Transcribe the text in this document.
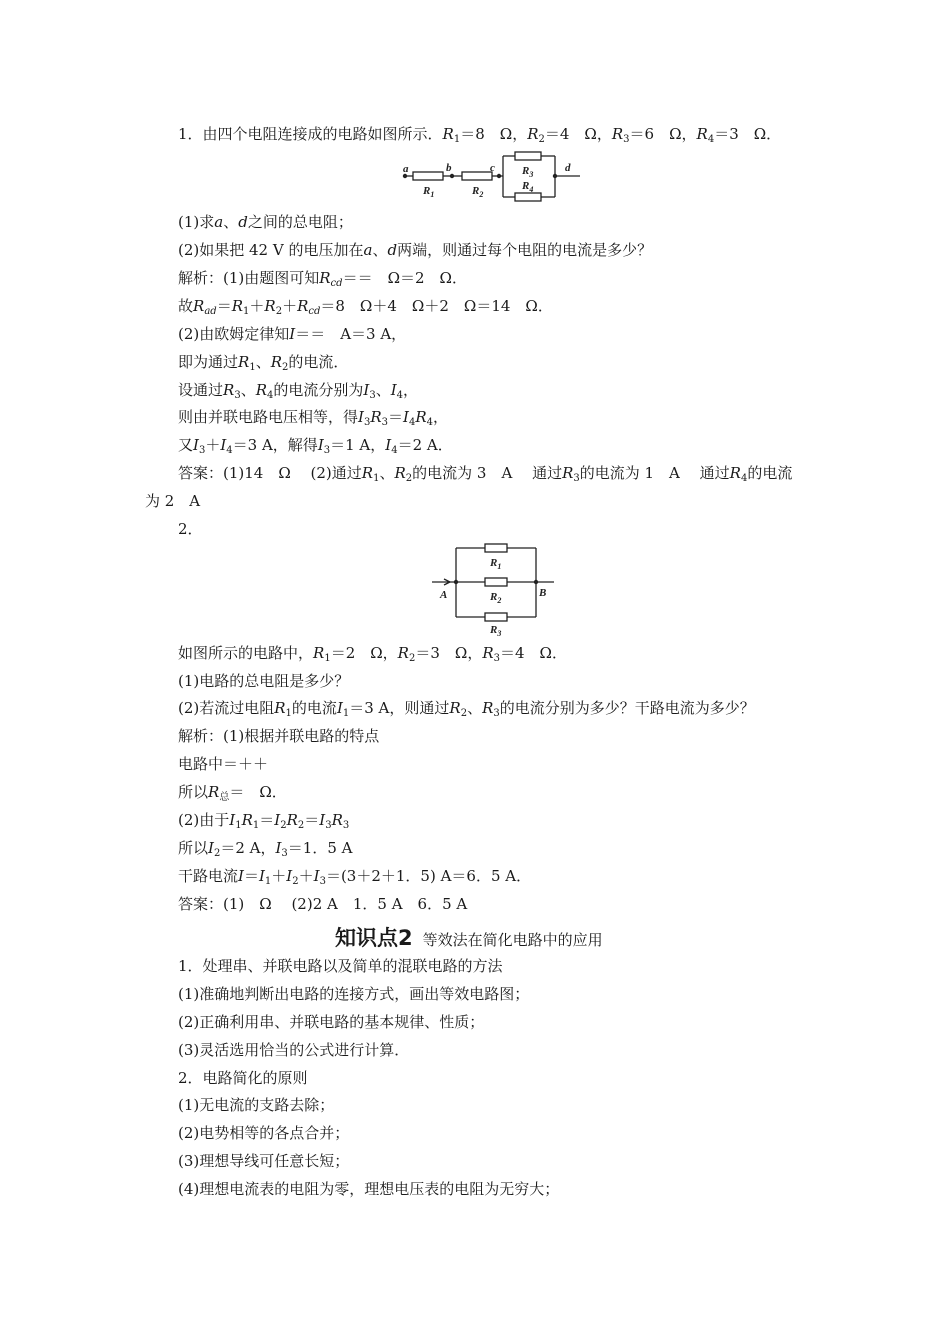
1．由四个电阻连接成的电路如图所示．$R_1=8$　Ω，$R_2=4$　Ω，$R_3=6$　Ω，$R_4=3$　Ω．
a	b	c	d
$R_1$	$R_2$
$R_3$
$R_4$
(1)求a、d之间的总电阻；
(2)如果把 42 V 的电压加在a、d两端，则通过每个电阻的电流是多少？
解析：(1)由题图可知$R_{cd}==$　Ω＝2　Ω．
故$R_{ad}=R_1+R_2+R_{cd}=8$　Ω＋4　Ω＋2　Ω＝14　Ω．
(2)由欧姆定律知I＝＝　A＝3 A，
即为通过$R_1$、$R_2$的电流．
设通过$R_3$、$R_4$的电流分别为$I_3$、$I_4$，
则由并联电路电压相等，得$I_3R_3=I_4R_4$，
又$I_3+I_4=3$ A，解得$I_3=1$ A，$I_4=2$ A．
答案：(1)14　Ω　 (2)通过$R_1$、$R_2$的电流为 3　A　 通过$R_3$的电流为 1　A　 通过$R_4$的电流
为 2　A
2．
A	B
$R_1$
$R_2$
$R_3$
如图所示的电路中，$R_1=2$　Ω，$R_2=3$　Ω，$R_3=4$　Ω．
(1)电路的总电阻是多少？
(2)若流过电阻$R_1$的电流$I_1=3$ A，则通过$R_2$、$R_3$的电流分别为多少？干路电流为多少？
解析：(1)根据并联电路的特点
电路中＝＋＋
所以$R_总=$　Ω．
(2)由于$I_1R_1=I_2R_2=I_3R_3$
所以$I_2=2$ A，$I_3=1$．5 A
干路电流$I=I_1+I_2+I_3=(3+2+1$．5) A＝6．5 A．
答案：(1)　Ω　 (2)2 A　1．5 A　6．5 A
知识点2 等效法在简化电路中的应用
1．处理串、并联电路以及简单的混联电路的方法
(1)准确地判断出电路的连接方式，画出等效电路图；
(2)正确利用串、并联电路的基本规律、性质；
(3)灵活选用恰当的公式进行计算．
2．电路简化的原则
(1)无电流的支路去除；
(2)电势相等的各点合并；
(3)理想导线可任意长短；
(4)理想电流表的电阻为零，理想电压表的电阻为无穷大；
